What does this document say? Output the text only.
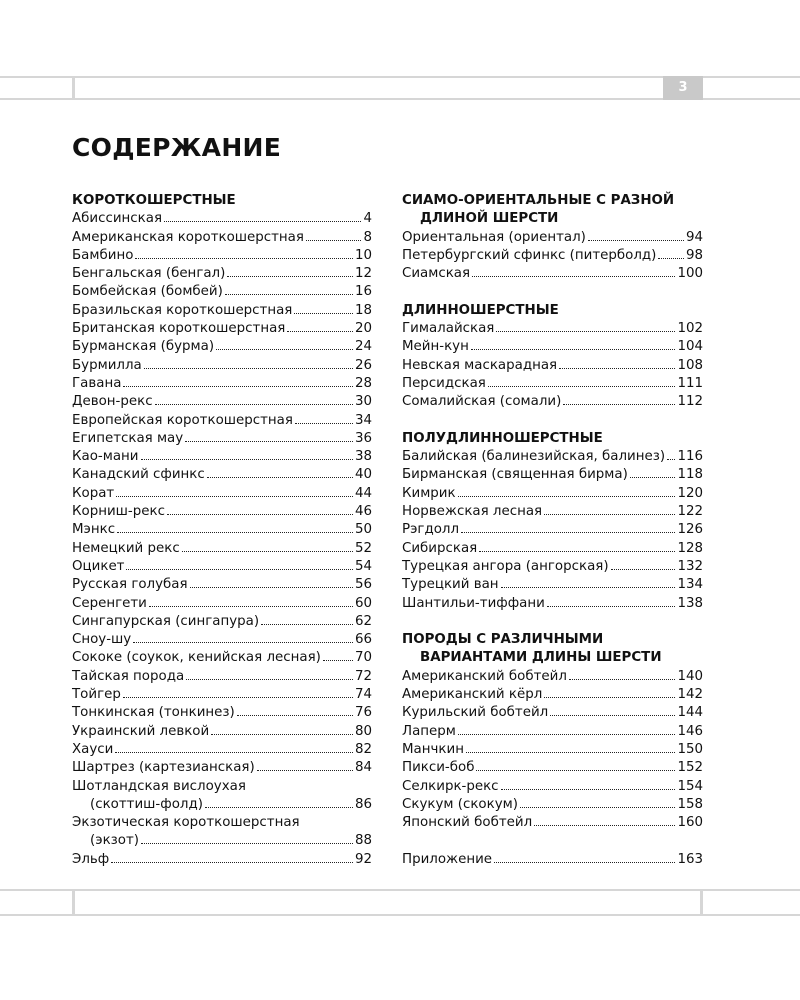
3
СОДЕРЖАНИЕ
КОРОТКОШЕРСТНЫЕ
Абиссинская	4
Американская короткошерстная	8
Бамбино	10
Бенгальская (бенгал)	12
Бомбейская (бомбей)	16
Бразильская короткошерстная	18
Британская короткошерстная	20
Бурманская (бурма)	24
Бурмилла	26
Гавана	28
Девон-рекс	30
Европейская короткошерстная	34
Египетская мау	36
Као-мани	38
Канадский сфинкс	40
Корат	44
Корниш-рекс	46
Мэнкс	50
Немецкий рекс	52
Оцикет	54
Русская голубая	56
Серенгети	60
Сингапурская (сингапура)	62
Сноу-шу	66
Сококе (соукок, кенийская лесная)	70
Тайская порода	72
Тойгер	74
Тонкинская (тонкинез)	76
Украинский левкой	80
Хауси	82
Шартрез (картезианская)	84
Шотландская вислоухая
(скоттиш-фолд)	86
Экзотическая короткошерстная
(экзот)	88
Эльф	92
СИАМО-ОРИЕНТАЛЬНЫЕ С РАЗНОЙ
ДЛИНОЙ ШЕРСТИ
Ориентальная (ориентал)	94
Петербургский сфинкс (питерболд) 98
Сиамская	100
ДЛИННОШЕРСТНЫЕ
Гималайская	102
Мейн-кун	104
Невская маскарадная	108
Персидская	111
Сомалийская (сомали)	112
ПОЛУДЛИННОШЕРСТНЫЕ
Балийская (балинезийская, балинез) 116
Бирманская (священная бирма)	118
Кимрик	120
Норвежская лесная	122
Рэгдолл	126
Сибирская	128
Турецкая ангора (ангорская)	132
Турецкий ван	134
Шантильи-тиффани	138
ПОРОДЫ С РАЗЛИЧНЫМИ
ВАРИАНТАМИ ДЛИНЫ ШЕРСТИ
Американский бобтейл	140
Американский кёрл	142
Курильский бобтейл	144
Лаперм	146
Манчкин	150
Пикси-боб	152
Селкирк-рекс	154
Скукум (скокум)	158
Японский бобтейл	160
Приложение	163
